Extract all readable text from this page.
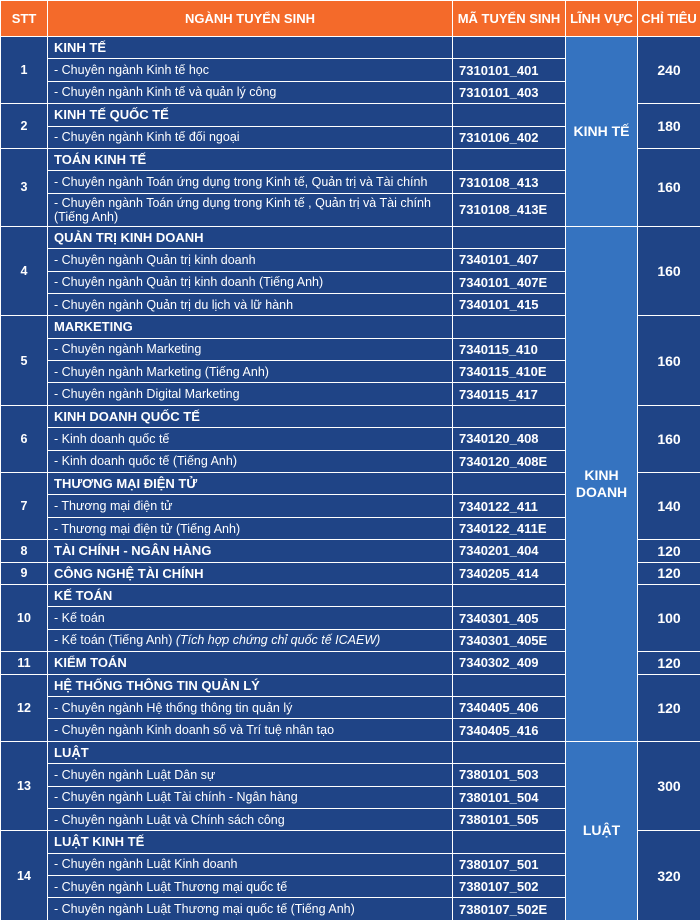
STT	NGÀNH TUYỂN SINH	MÃ TUYỂN SINH	LĨNH VỰC	CHỈ TIÊU
1	KINH TẾ		KINH TẾ	240
	- Chuyên ngành Kinh tế học	7310101_401		
	- Chuyên ngành Kinh tế và quản lý công	7310101_403		
2	KINH TẾ QUỐC TẾ			180
	- Chuyên ngành Kinh tế đối ngoại	7310106_402		
3	TOÁN KINH TẾ			160
	- Chuyên ngành Toán ứng dụng trong Kinh tế, Quản trị và Tài chính	7310108_413		
	- Chuyên ngành Toán ứng dụng trong Kinh tế , Quản trị và Tài chính (Tiếng Anh)	7310108_413E		
4	QUẢN TRỊ KINH DOANH		KINH DOANH	160
	- Chuyên ngành Quản trị kinh doanh	7340101_407		
	- Chuyên ngành Quản trị kinh doanh (Tiếng Anh)	7340101_407E		
	- Chuyên ngành Quản trị du lịch và lữ hành	7340101_415		
5	MARKETING			160
	- Chuyên ngành Marketing	7340115_410		
	- Chuyên ngành Marketing (Tiếng Anh)	7340115_410E		
	- Chuyên ngành Digital Marketing	7340115_417		
6	KINH DOANH QUỐC TẾ			160
	- Kinh doanh quốc tế	7340120_408		
	- Kinh doanh quốc tế (Tiếng Anh)	7340120_408E		
7	THƯƠNG MẠI ĐIỆN TỬ			140
	- Thương mại điện tử	7340122_411		
	- Thương mại điện tử (Tiếng Anh)	7340122_411E		
8	TÀI CHÍNH - NGÂN HÀNG	7340201_404		120
9	CÔNG NGHỆ TÀI CHÍNH	7340205_414		120
10	KẾ TOÁN			100
	- Kế toán	7340301_405		
	- Kế toán (Tiếng Anh) (Tích hợp chứng chỉ quốc tế ICAEW)	7340301_405E		
11	KIỂM TOÁN	7340302_409		120
12	HỆ THỐNG THÔNG TIN QUẢN LÝ			120
	- Chuyên ngành Hệ thống thông tin quản lý	7340405_406		
	- Chuyên ngành Kinh doanh số và Trí tuệ nhân tạo	7340405_416		
13	LUẬT		LUẬT	300
	- Chuyên ngành Luật Dân sự	7380101_503		
	- Chuyên ngành Luật Tài chính - Ngân hàng	7380101_504		
	- Chuyên ngành Luật và Chính sách công	7380101_505		
14	LUẬT KINH TẾ			320
	- Chuyên ngành Luật Kinh doanh	7380107_501		
	- Chuyên ngành Luật Thương mại quốc tế	7380107_502		
	- Chuyên ngành Luật Thương mại quốc tế (Tiếng Anh)	7380107_502E		
